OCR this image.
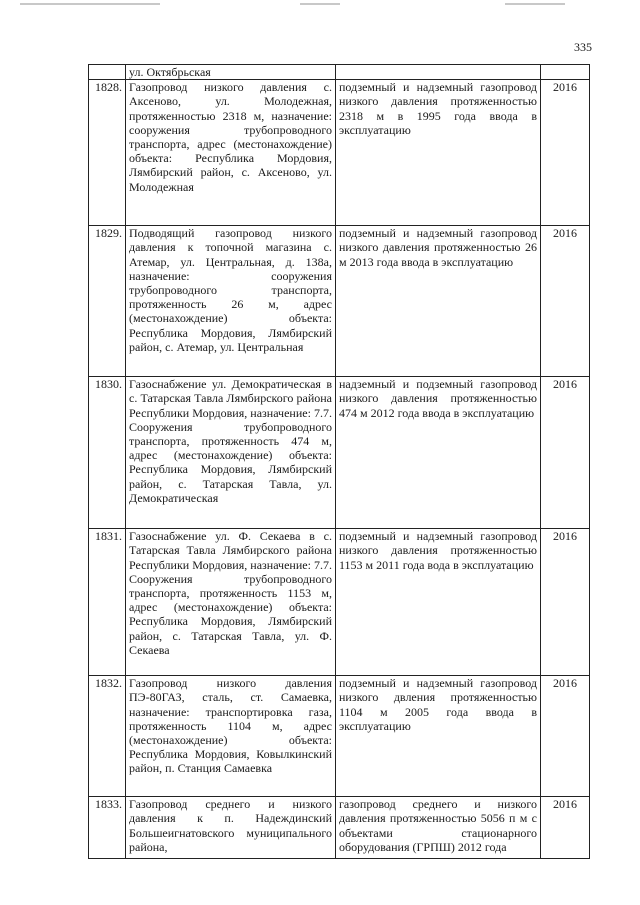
335
	ул. Октябрьская		
1828.	Газопровод низкого давления с. Аксеново, ул. Молодежная, протяженностью 2318 м, назначение: сооружения трубопроводного транспорта, адрес (местонахождение) объекта: Республика Мордовия, Лямбирский район, с. Аксеново, ул. Молодежная	подземный и надземный газопровод низкого давления протяженностью 2318 м в 1995 года ввода в эксплуатацию	2016
1829.	Подводящий газопровод низкого давления к топочной магазина с. Атемар, ул. Центральная, д. 138а, назначение: сооружения трубопроводного транспорта, протяженность 26 м, адрес (местонахождение) объекта: Республика Мордовия, Лямбирский район, с. Атемар, ул. Центральная	подземный и надземный газопровод низкого давления протяженностью 26 м 2013 года ввода в эксплуатацию	2016
1830.	Газоснабжение ул. Демократическая в с. Татарская Тавла Лямбирского района Республики Мордовия, назначение: 7.7. Сооружения трубопроводного транспорта, протяженность 474 м, адрес (местонахождение) объекта: Республика Мордовия, Лямбирский район, с. Татарская Тавла, ул. Демократическая	надземный и подземный газопровод низкого давления протяженностью 474 м 2012 года ввода в эксплуатацию	2016
1831.	Газоснабжение ул. Ф. Секаева в с. Татарская Тавла Лямбирского района Республики Мордовия, назначение: 7.7. Сооружения трубопроводного транспорта, протяженность 1153 м, адрес (местонахождение) объекта: Республика Мордовия, Лямбирский район, с. Татарская Тавла, ул. Ф. Секаева	подземный и надземный газопровод низкого давления протяженностью 1153 м 2011 года вода в эксплуатацию	2016
1832.	Газопровод низкого давления ПЭ-80ГАЗ, сталь, ст. Самаевка, назначение: транспортировка газа, протяженность 1104 м, адрес (местонахождение) объекта: Республика Мордовия, Ковылкинский район, п. Станция Самаевка	подземный и надземный газопровод низкого двления протяженностью 1104 м 2005 года ввода в эксплуатацию	2016
1833.	Газопровод среднего и низкого давления к п. Надеждинский Большеигнатовского муниципального района,	газопровод среднего и низкого давления протяженностью 5056 п м с объектами стационарного оборудования (ГРПШ) 2012 года	2016
